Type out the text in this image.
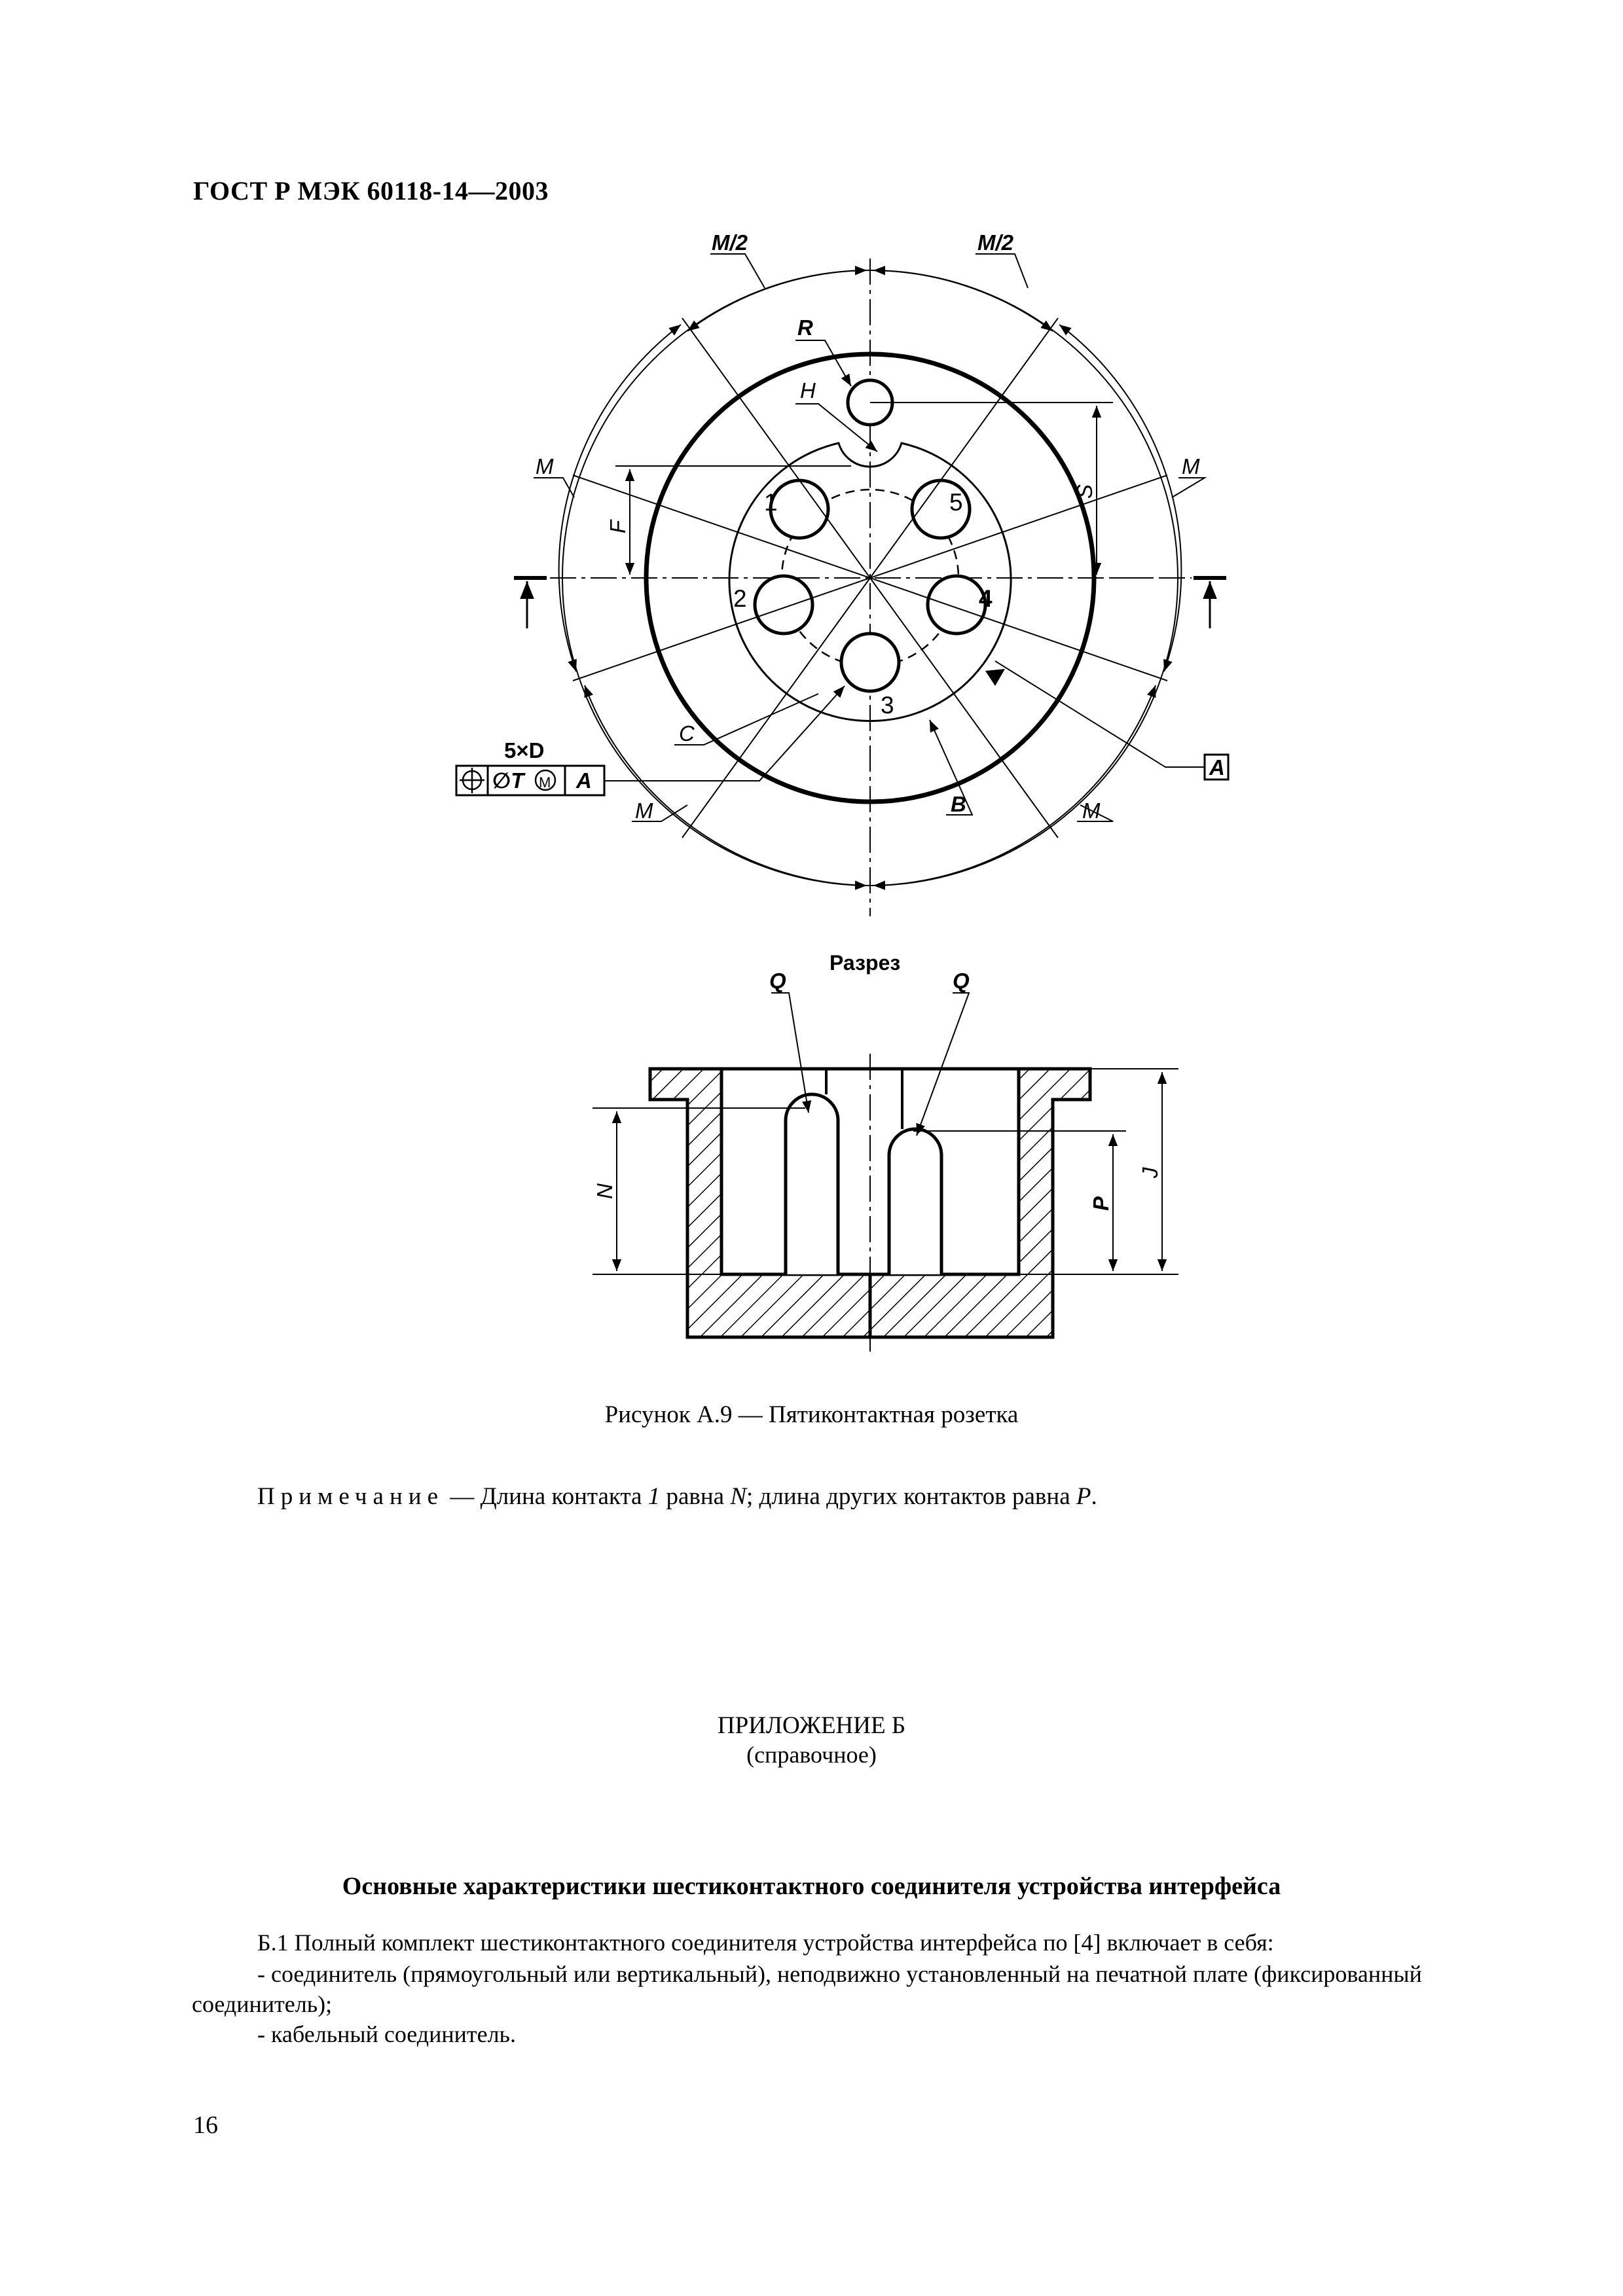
ГОСТ Р МЭК 60118-14—2003
M/2	M/2
R
H
M	M
F
S
1	5
2	4
3
C
B
M	M
5×D
∅T M A
A
Разрез
Q	Q
N
P
J
Рисунок А.9 — Пятиконтактная розетка
Примечание — Длина контакта 1 равна N; длина других контактов равна P.
ПРИЛОЖЕНИЕ Б
(справочное)
Основные характеристики шестиконтактного соединителя устройства интерфейса
Б.1 Полный комплект шестиконтактного соединителя устройства интерфейса по [4] включает в себя:
- соединитель (прямоугольный или вертикальный), неподвижно установленный на печатной плате (фиксированный соединитель);
- кабельный соединитель.
16
